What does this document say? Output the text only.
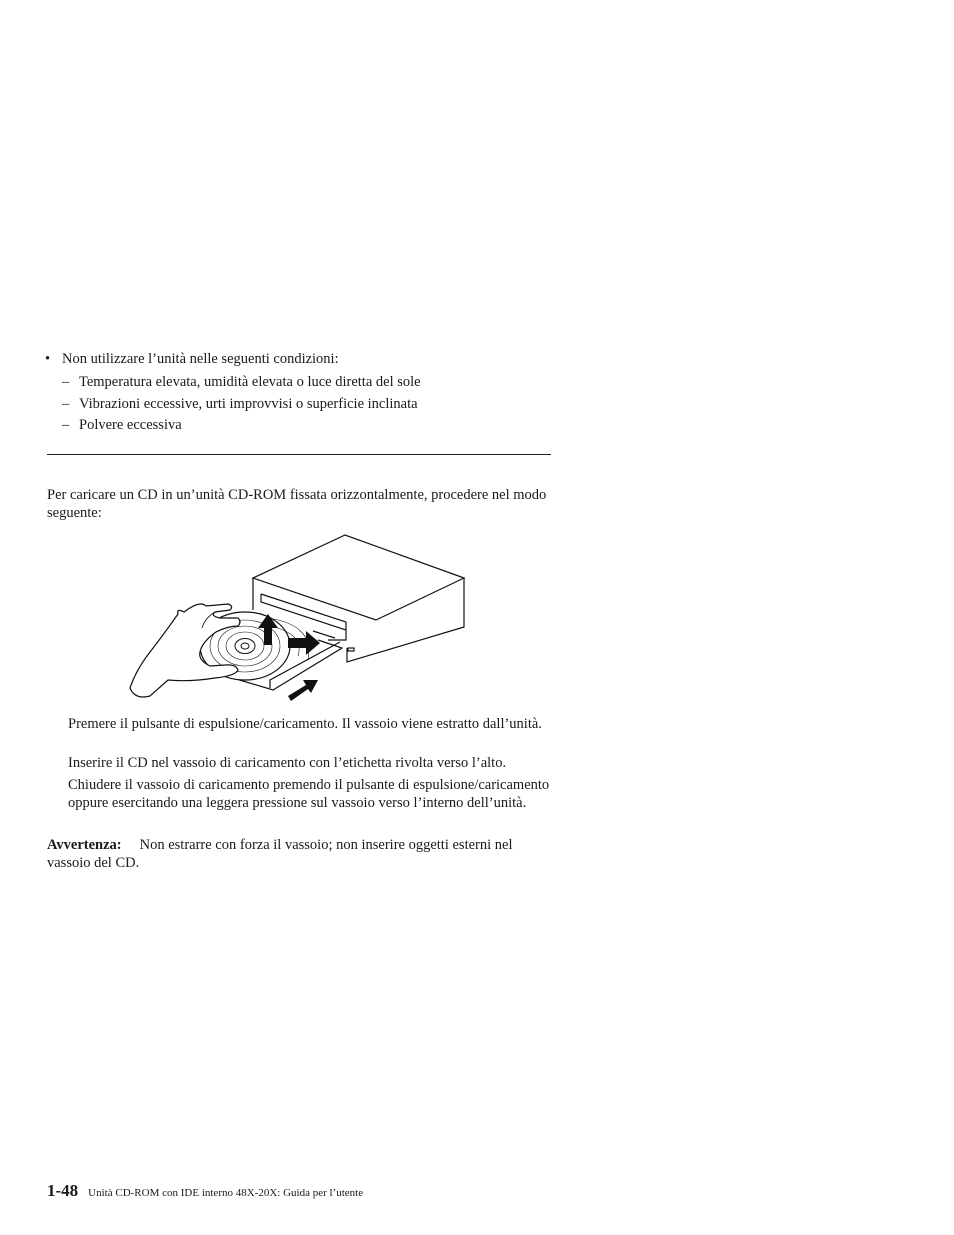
• Non utilizzare l’unità nelle seguenti condizioni:
– Temperatura elevata, umidità elevata o luce diretta del sole
– Vibrazioni eccessive, urti improvvisi o superficie inclinata
– Polvere eccessiva
Per caricare un CD in un’unità CD-ROM fissata orizzontalmente, procedere nel modo seguente:
Premere il pulsante di espulsione/caricamento. Il vassoio viene estratto dall’unità.
Inserire il CD nel vassoio di caricamento con l’etichetta rivolta verso l’alto.
Chiudere il vassoio di caricamento premendo il pulsante di espulsione/caricamento oppure esercitando una leggera pressione sul vassoio verso l’interno dell’unità.
Avvertenza: Non estrarre con forza il vassoio; non inserire oggetti esterni nel vassoio del CD.
1-48 Unità CD-ROM con IDE interno 48X-20X: Guida per l’utente
